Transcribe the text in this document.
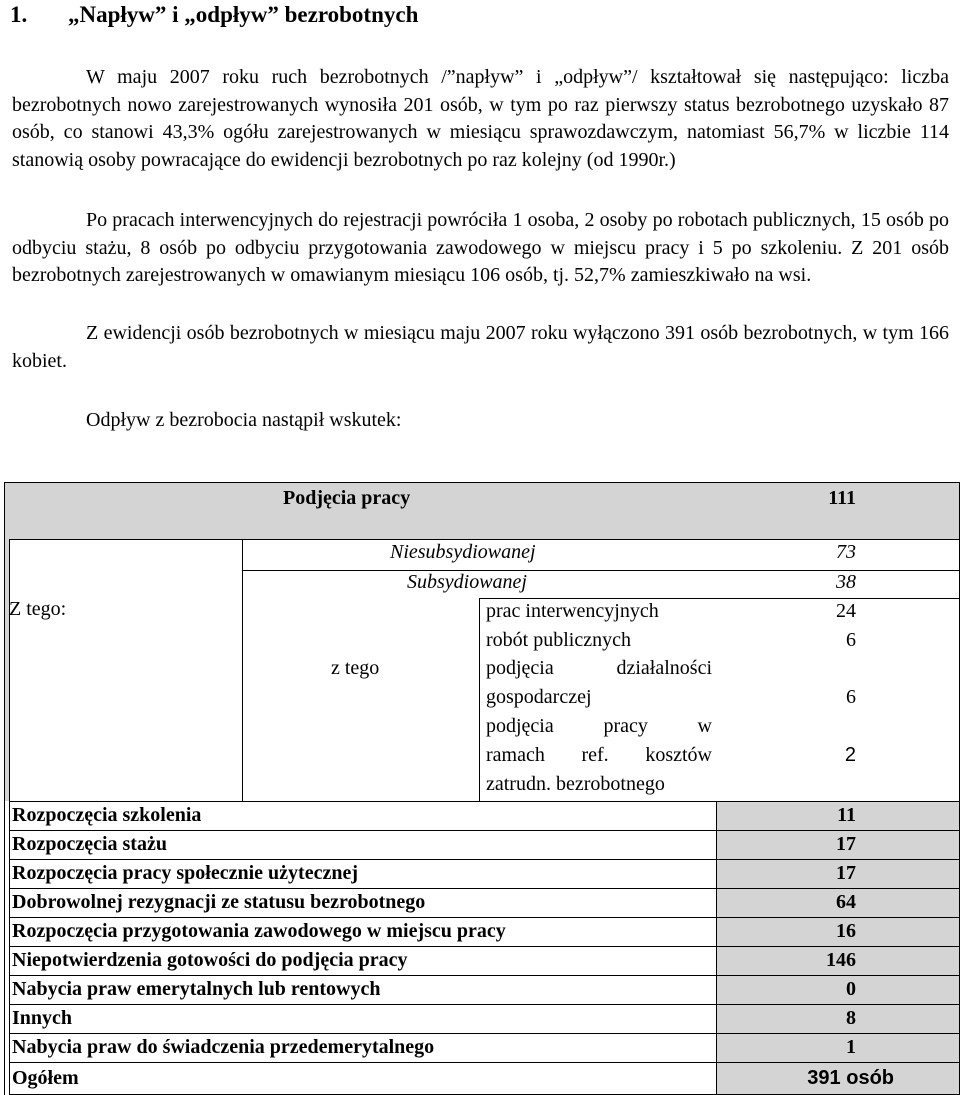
1. „Napływ” i „odpływ” bezrobotnych

W maju 2007 roku ruch bezrobotnych /”napływ” i „odpływ”/ kształtował się następująco: liczba bezrobotnych nowo zarejestrowanych wynosiła 201 osób, w tym po raz pierwszy status bezrobotnego uzyskało 87 osób, co stanowi 43,3% ogółu zarejestrowanych w miesiącu sprawozdawczym, natomiast 56,7% w liczbie 114 stanowią osoby powracające do ewidencji bezrobotnych po raz kolejny (od 1990r.)

Po pracach interwencyjnych do rejestracji powróciła 1 osoba, 2 osoby po robotach publicznych, 15 osób po odbyciu stażu, 8 osób po odbyciu przygotowania zawodowego w miejscu pracy i 5 po szkoleniu. Z 201 osób bezrobotnych zarejestrowanych w omawianym miesiącu 106 osób, tj. 52,7% zamieszkiwało na wsi.

Z ewidencji osób bezrobotnych w miesiącu maju 2007 roku wyłączono 391 osób bezrobotnych, w tym 166 kobiet.

Odpływ z bezrobocia nastąpił wskutek:

Podjęcia pracy	111
Z tego:
Niesubsydiowanej	73
Subsydiowanej	38
z tego
prac interwencyjnych	24
robót publicznych	6
podjęcia działalności
gospodarczej	6
podjęcia pracy w
ramach ref. kosztów
zatrudn. bezrobotnego
2
Rozpoczęcia szkolenia	11
Rozpoczęcia stażu	17
Rozpoczęcia pracy społecznie użytecznej	17
Dobrowolnej rezygnacji ze statusu bezrobotnego	64
Rozpoczęcia przygotowania zawodowego w miejscu pracy	16
Niepotwierdzenia gotowości do podjęcia pracy	146
Nabycia praw emerytalnych lub rentowych	0
Innych	8
Nabycia praw do świadczenia przedemerytalnego	1
Ogółem	391 osób
